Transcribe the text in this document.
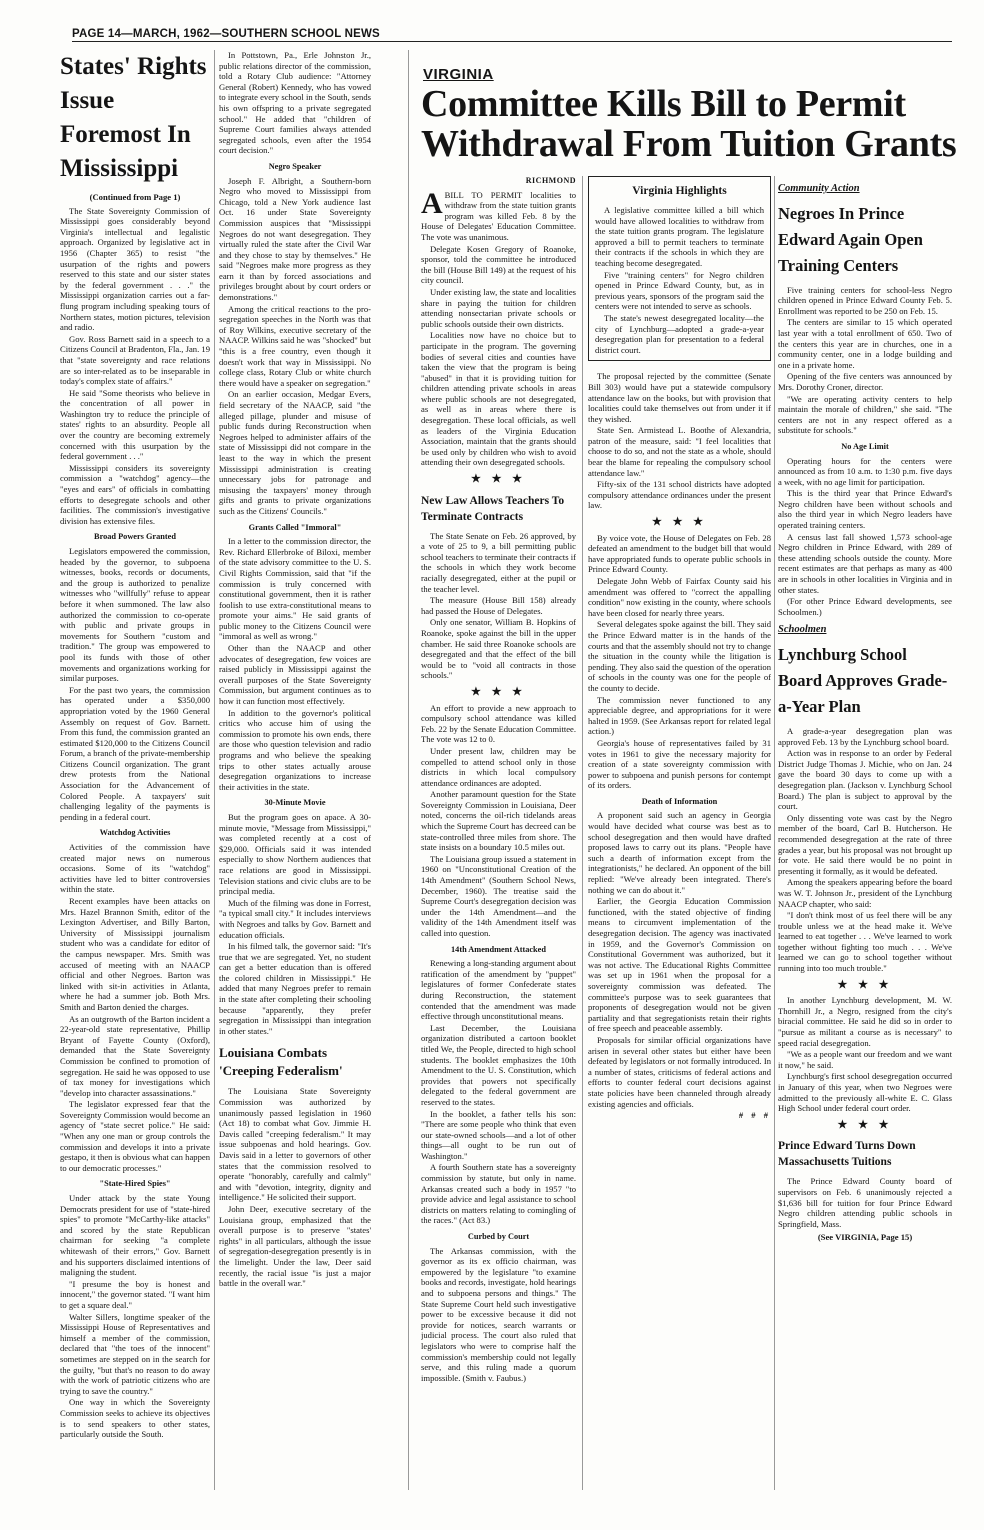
PAGE 14—MARCH, 1962—SOUTHERN SCHOOL NEWS
States' Rights Issue Foremost In Mississippi
(Continued from Page 1)

The State Sovereignty Commission of Mississippi goes considerably beyond Virginia's intellectual and legalistic approach. Organized by legislative act in 1956 (Chapter 365) to resist "the usurpation of the rights and powers reserved to this state and our sister states by the federal government . . ." the Mississippi organization carries out a far-flung program including speaking tours of Northern states, motion pictures, television and radio.

Gov. Ross Barnett said in a speech to a Citizens Council at Bradenton, Fla., Jan. 19 that "state sovereignty and race relations are so inter-related as to be inseparable in today's complex state of affairs."

He said "Some theorists who believe in the concentration of all power in Washington try to reduce the principle of states' rights to an absurdity. People all over the country are becoming extremely concerned with this usurpation by the federal government . . ."

Mississippi considers its sovereignty commission a "watchdog" agency—the "eyes and ears" of officials in combatting efforts to desegregate schools and other facilities. The commission's investigative division has extensive files.

Broad Powers Granted

Legislators empowered the commission, headed by the governor, to subpoena witnesses, books, records or documents, and the group is authorized to penalize witnesses who "willfully" refuse to appear before it when summoned. The law also authorized the commission to co-operate with public and private groups in movements for Southern "custom and tradition." The group was empowered to pool its funds with those of other movements and organizations working for similar purposes.

For the past two years, the commission has operated under a $350,000 appropriation voted by the 1960 General Assembly on request of Gov. Barnett. From this fund, the commission granted an estimated $120,000 to the Citizens Council Forum, a branch of the private-membership Citizens Council organization. The grant drew protests from the National Association for the Advancement of Colored People. A taxpayers' suit challenging legality of the payments is pending in a federal court.

Watchdog Activities

Activities of the commission have created major news on numerous occasions. Some of its "watchdog" activities have led to bitter controversies within the state.

Recent examples have been attacks on Mrs. Hazel Brannon Smith, editor of the Lexington Advertiser, and Billy Barton, University of Mississippi journalism student who was a candidate for editor of the campus newspaper. Mrs. Smith was accused of meeting with an NAACP official and other Negroes. Barton was linked with sit-in activities in Atlanta, where he had a summer job. Both Mrs. Smith and Barton denied the charges.

As an outgrowth of the Barton incident a 22-year-old state representative, Phillip Bryant of Fayette County (Oxford), demanded that the State Sovereignty Commission be confined to promotion of segregation. He said he was opposed to use of tax money for investigations which "develop into character assassinations."

The legislator expressed fear that the Sovereignty Commission would become an agency of "state secret police." He said: "When any one man or group controls the commission and develops it into a private gestapo, it then is obvious what can happen to our democratic processes."

"State-Hired Spies"

Under attack by the state Young Democrats president for use of "state-hired spies" to promote "McCarthy-like attacks" and scored by the state Republican chairman for seeking "a complete whitewash of their errors," Gov. Barnett and his supporters disclaimed intentions of maligning the student.

"I presume the boy is honest and innocent," the governor stated. "I want him to get a square deal."

Walter Sillers, longtime speaker of the Mississippi House of Representatives and himself a member of the commission, declared that "the toes of the innocent" sometimes are stepped on in the search for the guilty, "but that's no reason to do away with the work of patriotic citizens who are trying to save the country."

One way in which the Sovereignty Commission seeks to achieve its objectives is to send speakers to other states, particularly outside the South.

In Pottstown, Pa., Erle Johnston Jr., public relations director of the commission, told a Rotary Club audience: "Attorney General (Robert) Kennedy, who has vowed to integrate every school in the South, sends his own offspring to a private segregated school." He added that "children of Supreme Court families always attended segregated schools, even after the 1954 court decision."

Negro Speaker

Joseph F. Albright, a Southern-born Negro who moved to Mississippi from Chicago, told a New York audience last Oct. 16 under State Sovereignty Commission auspices that "Mississippi Negroes do not want desegregation. They virtually ruled the state after the Civil War and they chose to stay by themselves." He said "Negroes make more progress as they earn it than by forced associations and privileges brought about by court orders or demonstrations."

Among the critical reactions to the pro-segregation speeches in the North was that of Roy Wilkins, executive secretary of the NAACP. Wilkins said he was "shocked" but "this is a free country, even though it doesn't work that way in Mississippi. No college class, Rotary Club or white church there would have a speaker on segregation."

On an earlier occasion, Medgar Evers, field secretary of the NAACP, said "the alleged pillage, plunder and misuse of public funds during Reconstruction when Negroes helped to administer affairs of the state of Mississippi did not compare in the least to the way in which the present Mississippi administration is creating unnecessary jobs for patronage and misusing the taxpayers' money through gifts and grants to private organizations such as the Citizens' Councils."

Grants Called "Immoral"

In a letter to the commission director, the Rev. Richard Ellerbroke of Biloxi, member of the state advisory committee to the U. S. Civil Rights Commission, said that "if the commission is truly concerned with constitutional government, then it is rather foolish to use extra-constitutional means to promote your aims." He said grants of public money to the Citizens Council were "immoral as well as wrong."

Other than the NAACP and other advocates of desegregation, few voices are raised publicly in Mississippi against the overall purposes of the State Sovereignty Commission, but argument continues as to how it can function most effectively.

In addition to the governor's political critics who accuse him of using the commission to promote his own ends, there are those who question television and radio programs and who believe the speaking trips to other states actually arouse desegregation organizations to increase their activities in the state.

30-Minute Movie

But the program goes on apace. A 30-minute movie, "Message from Mississippi," was completed recently at a cost of $29,000. Officials said it was intended especially to show Northern audiences that race relations are good in Mississippi. Television stations and civic clubs are to be principal media.

Much of the filming was done in Forrest, "a typical small city." It includes interviews with Negroes and talks by Gov. Barnett and education officials.

In his filmed talk, the governor said: "It's true that we are segregated. Yet, no student can get a better education than is offered the colored children in Mississippi." He added that many Negroes prefer to remain in the state after completing their schooling because "apparently, they prefer segregation in Mississippi than integration in other states."

Louisiana Combats 'Creeping Federalism'

The Louisiana State Sovereignty Commission was authorized by unanimously passed legislation in 1960 (Act 18) to combat what Gov. Jimmie H. Davis called "creeping federalism." It may issue subpoenas and hold hearings. Gov. Davis said in a letter to governors of other states that the commission resolved to operate "honorably, carefully and calmly" and with "devotion, integrity, dignity and intelligence." He solicited their support.

John Deer, executive secretary of the Louisiana group, emphasized that the overall purpose is to preserve "states' rights" in all particulars, although the issue of segregation-desegregation presently is in the limelight. Under the law, Deer said recently, the racial issue "is just a major battle in the overall war."

VIRGINIA
Committee Kills Bill to Permit Withdrawal From Tuition Grants
RICHMOND

A BILL TO PERMIT localities to withdraw from the state tuition grants program was killed Feb. 8 by the House of Delegates' Education Committee. The vote was unanimous.

Delegate Kosen Gregory of Roanoke, sponsor, told the committee he introduced the bill (House Bill 149) at the request of his city council.

Under existing law, the state and localities share in paying the tuition for children attending nonsectarian private schools or public schools outside their own districts.

Localities now have no choice but to participate in the program. The governing bodies of several cities and counties have taken the view that the program is being "abused" in that it is providing tuition for children attending private schools in areas where public schools are not desegregated, as well as in areas where there is desegregation. These local officials, as well as leaders of the Virginia Education Association, maintain that the grants should be used only by children who wish to avoid attending their own desegregated schools.

★ ★ ★
New Law Allows Teachers To Terminate Contracts

The State Senate on Feb. 26 approved, by a vote of 25 to 9, a bill permitting public school teachers to terminate their contracts if the schools in which they work become racially desegregated, either at the pupil or the teacher level.

The measure (House Bill 158) already had passed the House of Delegates.

Only one senator, William B. Hopkins of Roanoke, spoke against the bill in the upper chamber. He said three Roanoke schools are desegregated and that the effect of the bill would be to "void all contracts in those schools."

★ ★ ★

An effort to provide a new approach to compulsory school attendance was killed Feb. 22 by the Senate Education Committee. The vote was 12 to 0.

Under present law, children may be compelled to attend school only in those districts in which local compulsory attendance ordinances are adopted.

Another paramount question for the State Sovereignty Commission in Louisiana, Deer noted, concerns the oil-rich tidelands areas which the Supreme Court has decreed can be state-controlled three miles from shore. The state insists on a boundary 10.5 miles out.

The Louisiana group issued a statement in 1960 on "Unconstitutional Creation of the 14th Amendment" (Southern School News, December, 1960). The treatise said the Supreme Court's desegregation decision was under the 14th Amendment—and the validity of the 14th Amendment itself was called into question.

14th Amendment Attacked

Renewing a long-standing argument about ratification of the amendment by "puppet" legislatures of former Confederate states during Reconstruction, the statement contended that the amendment was made effective through unconstitutional means.

Last December, the Louisiana organization distributed a cartoon booklet titled We, the People, directed to high school students. The booklet emphasizes the 10th Amendment to the U. S. Constitution, which provides that powers not specifically delegated to the federal government are reserved to the states.

In the booklet, a father tells his son: "There are some people who think that even our state-owned schools—and a lot of other things—all ought to be run out of Washington."

A fourth Southern state has a sovereignty commission by statute, but only in name. Arkansas created such a body in 1957 "to provide advice and legal assistance to school districts on matters relating to comingling of the races." (Act 83.)

Curbed by Court

The Arkansas commission, with the governor as its ex officio chairman, was empowered by the legislature "to examine books and records, investigate, hold hearings and to subpoena persons and things." The State Supreme Court held such investigative power to be excessive because it did not provide for notices, search warrants or judicial process. The court also ruled that legislators who were to comprise half the commission's membership could not legally serve, and this ruling made a quorum impossible. (Smith v. Faubus.)

Virginia Highlights

A legislative committee killed a bill which would have allowed localities to withdraw from the state tuition grants program. The legislature approved a bill to permit teachers to terminate their contracts if the schools in which they are teaching become desegregated.

Five "training centers" for Negro children opened in Prince Edward County, but, as in previous years, sponsors of the program said the centers were not intended to serve as schools.

The state's newest desegregated locality—the city of Lynchburg—adopted a grade-a-year desegregation plan for presentation to a federal district court.

The proposal rejected by the committee (Senate Bill 303) would have put a statewide compulsory attendance law on the books, but with provision that localities could take themselves out from under it if they wished.

State Sen. Armistead L. Boothe of Alexandria, patron of the measure, said: "I feel localities that choose to do so, and not the state as a whole, should bear the blame for repealing the compulsory school attendance law."

Fifty-six of the 131 school districts have adopted compulsory attendance ordinances under the present law.

★ ★ ★

By voice vote, the House of Delegates on Feb. 28 defeated an amendment to the budget bill that would have appropriated funds to operate public schools in Prince Edward County.

Delegate John Webb of Fairfax County said his amendment was offered to "correct the appalling condition" now existing in the county, where schools have been closed for nearly three years.

Several delegates spoke against the bill. They said the Prince Edward matter is in the hands of the courts and that the assembly should not try to change the situation in the county while the litigation is pending. They also said the question of the operation of schools in the county was one for the people of the county to decide.

The commission never functioned to any appreciable degree, and appropriations for it were halted in 1959. (See Arkansas report for related legal action.)

Georgia's house of representatives failed by 31 votes in 1961 to give the necessary majority for creation of a state sovereignty commission with power to subpoena and punish persons for contempt of its orders.

Death of Information

A proponent said such an agency in Georgia would have decided what course was best as to school desegregation and then would have drafted proposed laws to carry out its plans. "People have such a dearth of information except from the integrationists," he declared. An opponent of the bill replied: "We've already been integrated. There's nothing we can do about it."

Earlier, the Georgia Education Commission functioned, with the stated objective of finding means to circumvent implementation of the desegregation decision. The agency was inactivated in 1959, and the Governor's Commission on Constitutional Government was authorized, but it was not active. The Educational Rights Committee was set up in 1961 when the proposal for a sovereignty commission was defeated. The committee's purpose was to seek guarantees that proponents of desegregation would not be given partiality and that segregationists retain their rights of free speech and peaceable assembly.

Proposals for similar official organizations have arisen in several other states but either have been defeated by legislators or not formally introduced. In a number of states, criticisms of federal actions and efforts to counter federal court decisions against state policies have been channeled through already existing agencies and officials.

# # #
Community Action
Negroes In Prince Edward Again Open Training Centers

Five training centers for school-less Negro children opened in Prince Edward County Feb. 5. Enrollment was reported to be 250 on Feb. 15.

The centers are similar to 15 which operated last year with a total enrollment of 650. Two of the centers this year are in churches, one in a community center, one in a lodge building and one in a private home.

Opening of the five centers was announced by Mrs. Dorothy Croner, director.

"We are operating activity centers to help maintain the morale of children," she said. "The centers are not in any respect offered as a substitute for schools."

No Age Limit

Operating hours for the centers were announced as from 10 a.m. to 1:30 p.m. five days a week, with no age limit for participation.

This is the third year that Prince Edward's Negro children have been without schools and also the third year in which Negro leaders have operated training centers.

A census last fall showed 1,573 school-age Negro children in Prince Edward, with 289 of these attending schools outside the county. More recent estimates are that perhaps as many as 400 are in schools in other localities in Virginia and in other states.

(For other Prince Edward developments, see Schoolmen.)

Schoolmen
Lynchburg School Board Approves Grade-a-Year Plan

A grade-a-year desegregation plan was approved Feb. 13 by the Lynchburg school board.

Action was in response to an order by Federal District Judge Thomas J. Michie, who on Jan. 24 gave the board 30 days to come up with a desegregation plan. (Jackson v. Lynchburg School Board.) The plan is subject to approval by the court.

Only dissenting vote was cast by the Negro member of the board, Carl B. Hutcherson. He recommended desegregation at the rate of three grades a year, but his proposal was not brought up for vote. He said there would be no point in presenting it formally, as it would be defeated.

Among the speakers appearing before the board was W. T. Johnson Jr., president of the Lynchburg NAACP chapter, who said:

"I don't think most of us feel there will be any trouble unless we at the head make it. We've learned to eat together . . . We've learned to work together without fighting too much . . . We've learned we can go to school together without running into too much trouble."

★ ★ ★

In another Lynchburg development, M. W. Thornhill Jr., a Negro, resigned from the city's biracial committee. He said he did so in order to "pursue as militant a course as is necessary" to speed racial desegregation.

"We as a people want our freedom and we want it now," he said.

Lynchburg's first school desegregation occurred in January of this year, when two Negroes were admitted to the previously all-white E. C. Glass High School under federal court order.

★ ★ ★
Prince Edward Turns Down Massachusetts Tuitions

The Prince Edward County board of supervisors on Feb. 6 unanimously rejected a $1,636 bill for tuition for four Prince Edward Negro children attending public schools in Springfield, Mass.

(See VIRGINIA, Page 15)
